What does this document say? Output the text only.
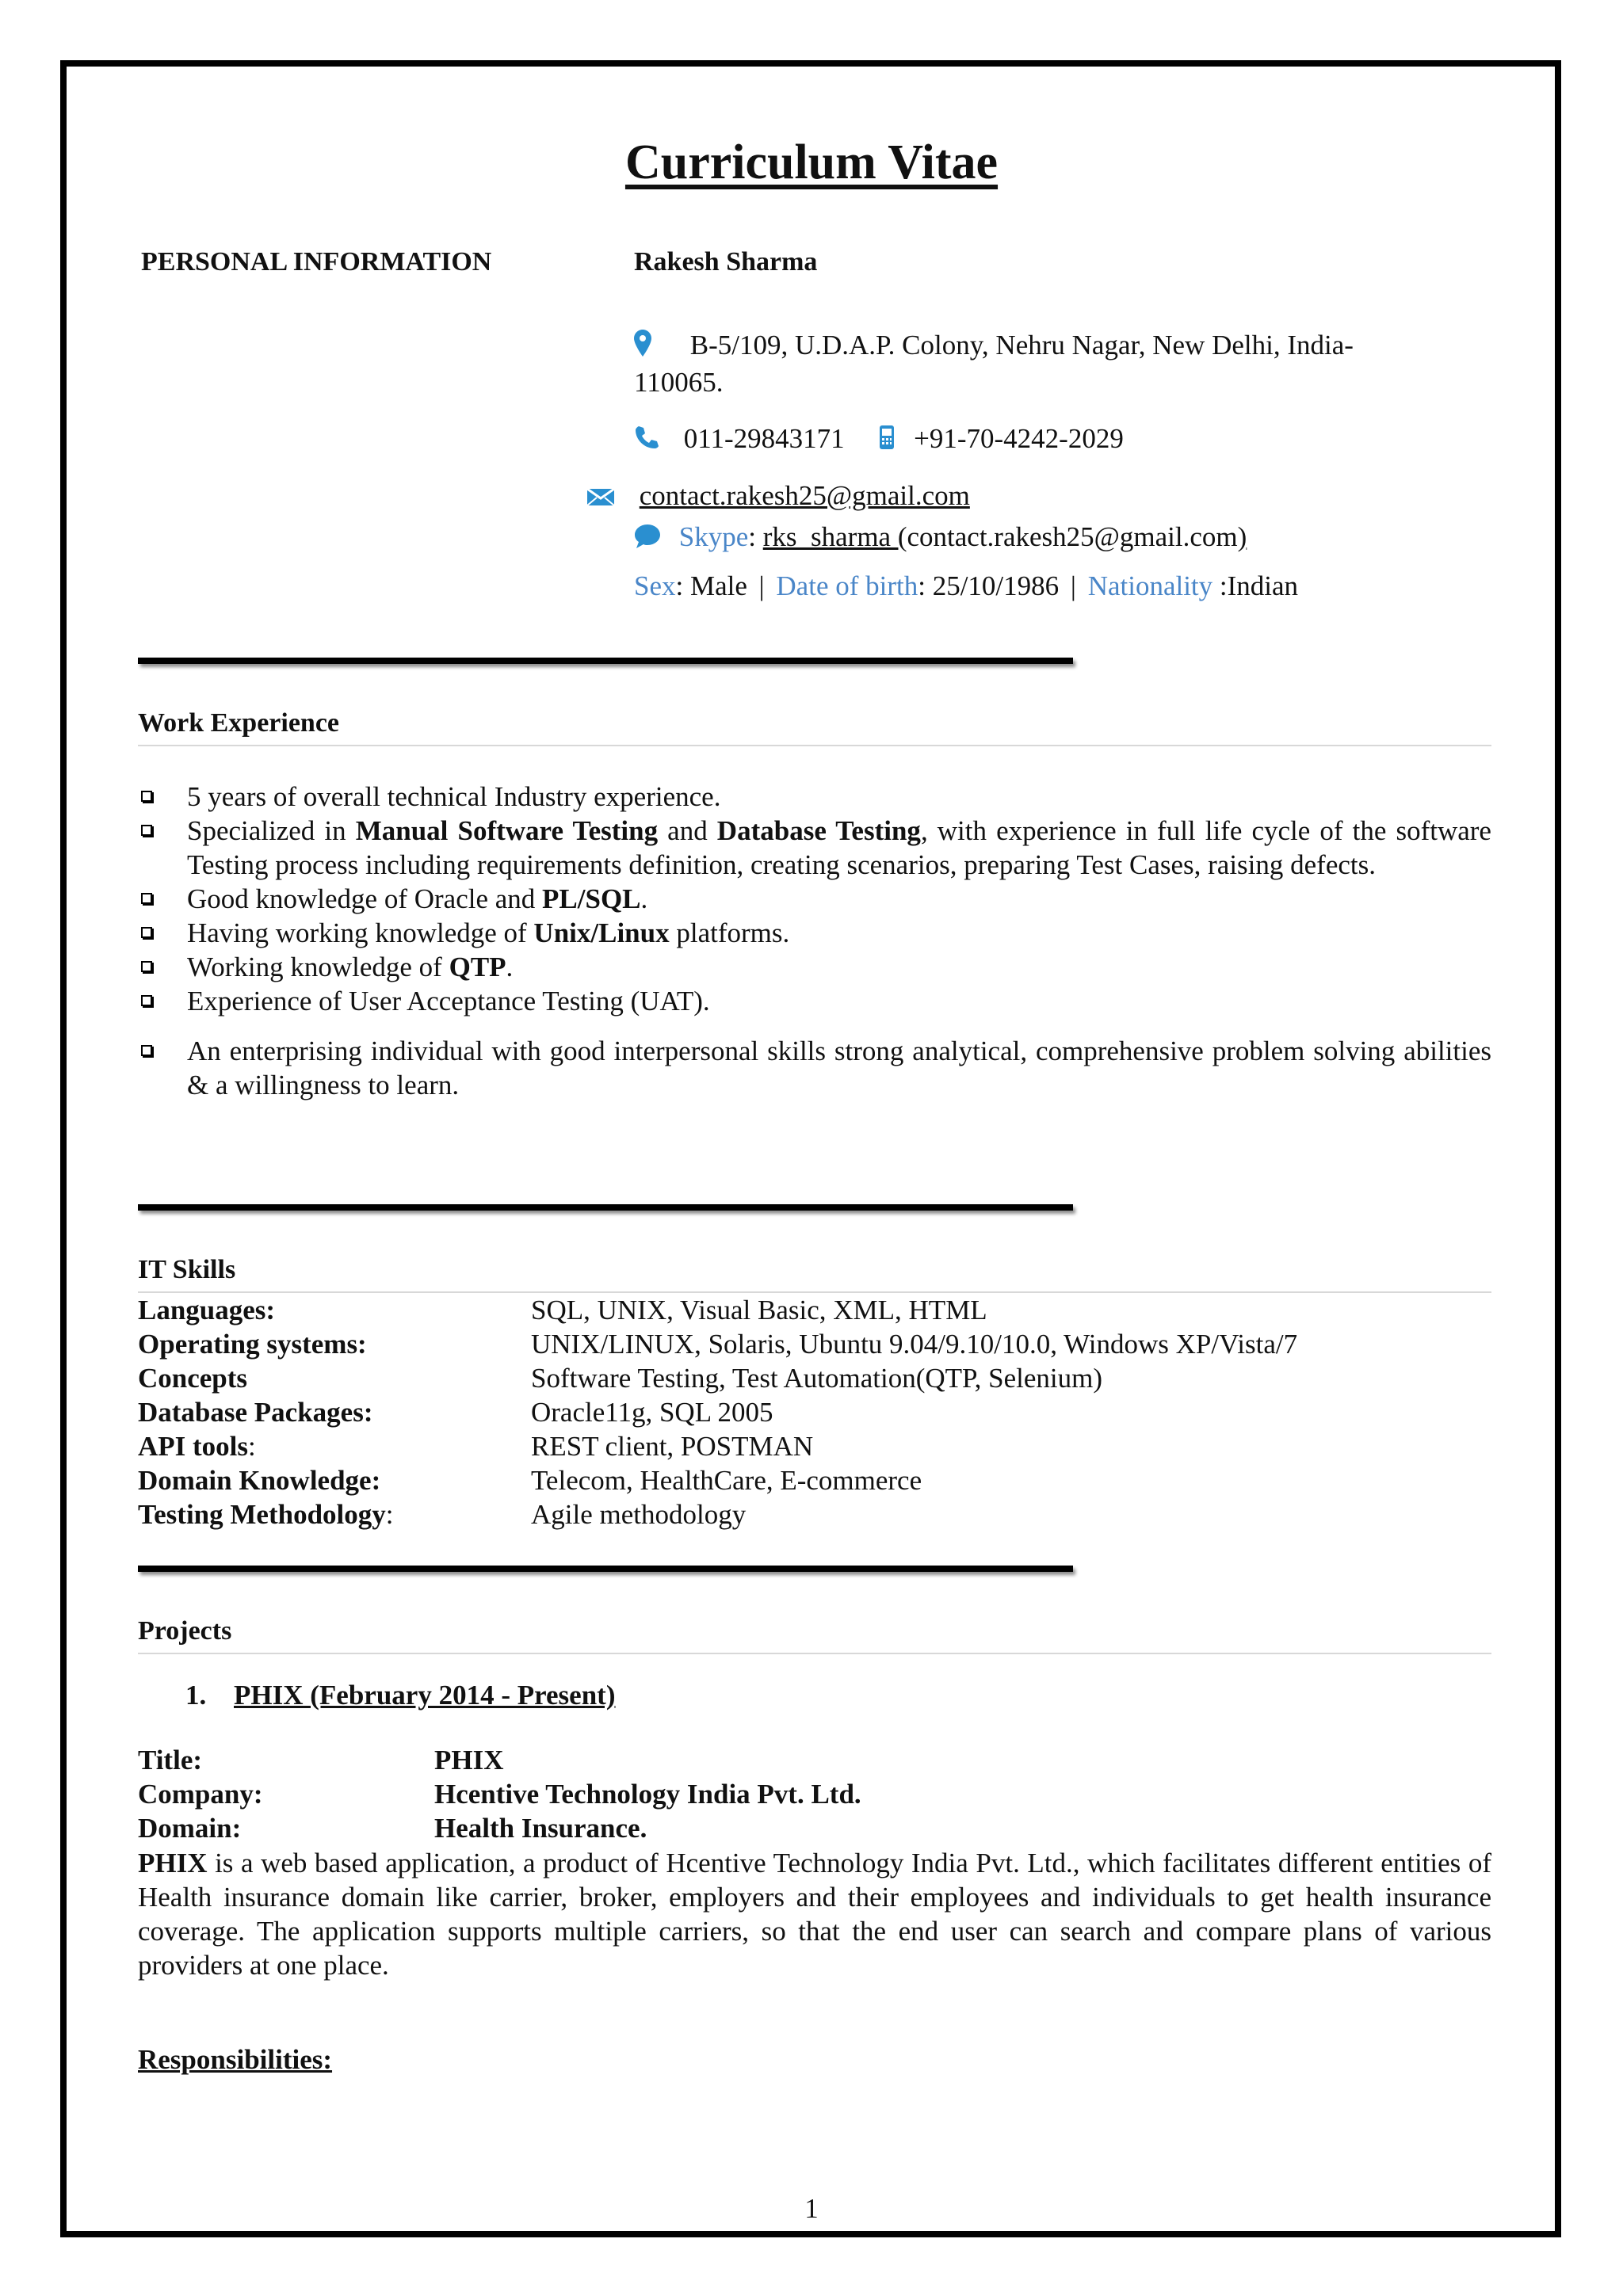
Curriculum Vitae
PERSONAL INFORMATION	Rakesh Sharma
B-5/109, U.D.A.P. Colony, Nehru Nagar, New Delhi, India-
110065.
011-29843171	+91-70-4242-2029
contact.rakesh25@gmail.com
Skype: rks_sharma (contact.rakesh25@gmail.com)
Sex: Male | Date of birth: 25/10/1986 | Nationality :Indian
Work Experience
5 years of overall technical Industry experience.
Specialized in Manual Software Testing and Database Testing, with experience in full life cycle of the software Testing process including requirements definition, creating scenarios, preparing Test Cases, raising defects.
Good knowledge of Oracle and PL/SQL.
Having working knowledge of Unix/Linux platforms.
Working knowledge of QTP.
Experience of User Acceptance Testing (UAT).
An enterprising individual with good interpersonal skills strong analytical, comprehensive problem solving abilities & a willingness to learn.
IT Skills
Languages:	SQL, UNIX, Visual Basic, XML, HTML
Operating systems:	UNIX/LINUX, Solaris, Ubuntu 9.04/9.10/10.0, Windows XP/Vista/7
Concepts	Software Testing, Test Automation(QTP, Selenium)
Database Packages:	Oracle11g, SQL 2005
API tools:	REST client, POSTMAN
Domain Knowledge:	Telecom, HealthCare, E-commerce
Testing Methodology:	Agile methodology
Projects
1. PHIX (February 2014 - Present)
Title:	PHIX
Company:	Hcentive Technology India Pvt. Ltd.
Domain:	Health Insurance.
PHIX is a web based application, a product of Hcentive Technology India Pvt. Ltd., which facilitates different entities of Health insurance domain like carrier, broker, employers and their employees and individuals to get health insurance coverage. The application supports multiple carriers, so that the end user can search and compare plans of various providers at one place.
Responsibilities:
1
